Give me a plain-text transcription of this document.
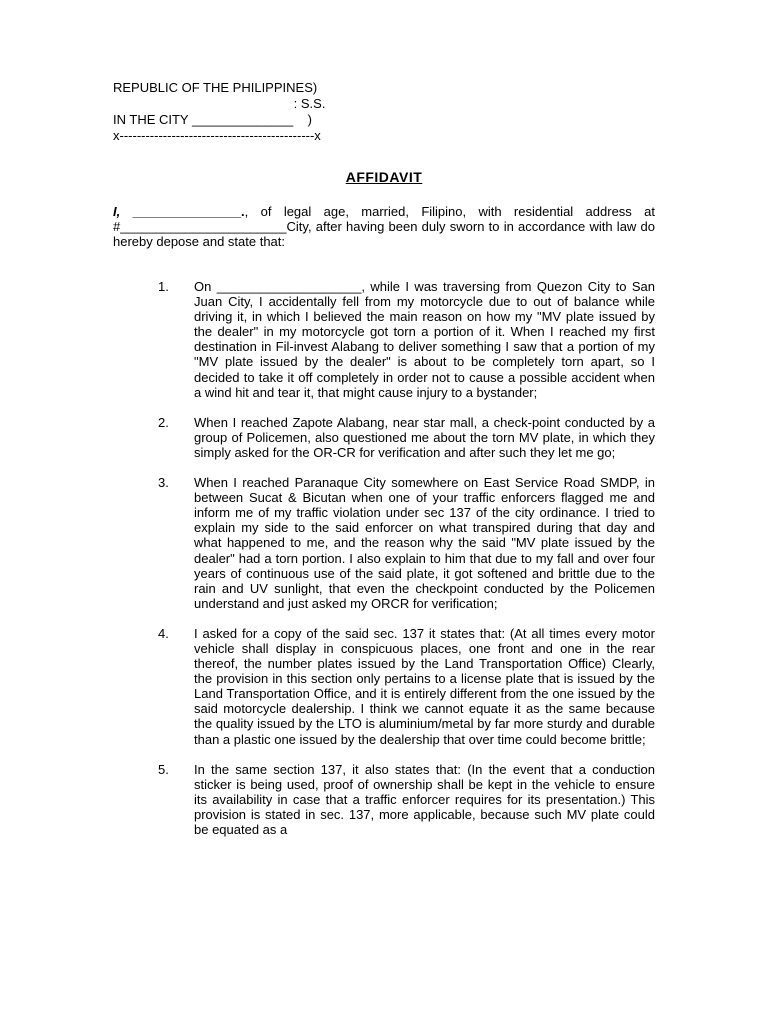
REPUBLIC OF THE PHILIPPINES)
: S.S.
IN THE CITY ______________    )
x---------------------------------------------x
AFFIDAVIT
I, _______________., of legal age, married, Filipino, with residential address at #_______________________City, after having been duly sworn to in accordance with law do hereby depose and state that:
1. On ____________________, while I was traversing from Quezon City to San Juan City, I accidentally fell from my motorcycle due to out of balance while driving it, in which I believed the main reason on how my "MV plate issued by the dealer" in my motorcycle got torn a portion of it. When I reached my first destination in Fil-invest Alabang to deliver something I saw that a portion of my "MV plate issued by the dealer" is about to be completely torn apart, so I decided to take it off completely in order not to cause a possible accident when a wind hit and tear it, that might cause injury to a bystander;
2. When I reached Zapote Alabang, near star mall, a check-point conducted by a group of Policemen, also questioned me about the torn MV plate, in which they simply asked for the OR-CR for verification and after such they let me go;
3. When I reached Paranaque City somewhere on East Service Road SMDP, in between Sucat & Bicutan when one of your traffic enforcers flagged me and inform me of my traffic violation under sec 137 of the city ordinance. I tried to explain my side to the said enforcer on what transpired during that day and what happened to me, and the reason why the said "MV plate issued by the dealer" had a torn portion. I also explain to him that due to my fall and over four years of continuous use of the said plate, it got softened and brittle due to the rain and UV sunlight, that even the checkpoint conducted by the Policemen understand and just asked my ORCR for verification;
4. I asked for a copy of the said sec. 137 it states that: (At all times every motor vehicle shall display in conspicuous places, one front and one in the rear thereof, the number plates issued by the Land Transportation Office) Clearly, the provision in this section only pertains to a license plate that is issued by the Land Transportation Office, and it is entirely different from the one issued by the said motorcycle dealership. I think we cannot equate it as the same because the quality issued by the LTO is aluminium/metal by far more sturdy and durable than a plastic one issued by the dealership that over time could become brittle;
5. In the same section 137, it also states that: (In the event that a conduction sticker is being used, proof of ownership shall be kept in the vehicle to ensure its availability in case that a traffic enforcer requires for its presentation.) This provision is stated in sec. 137, more applicable, because such MV plate could be equated as a
